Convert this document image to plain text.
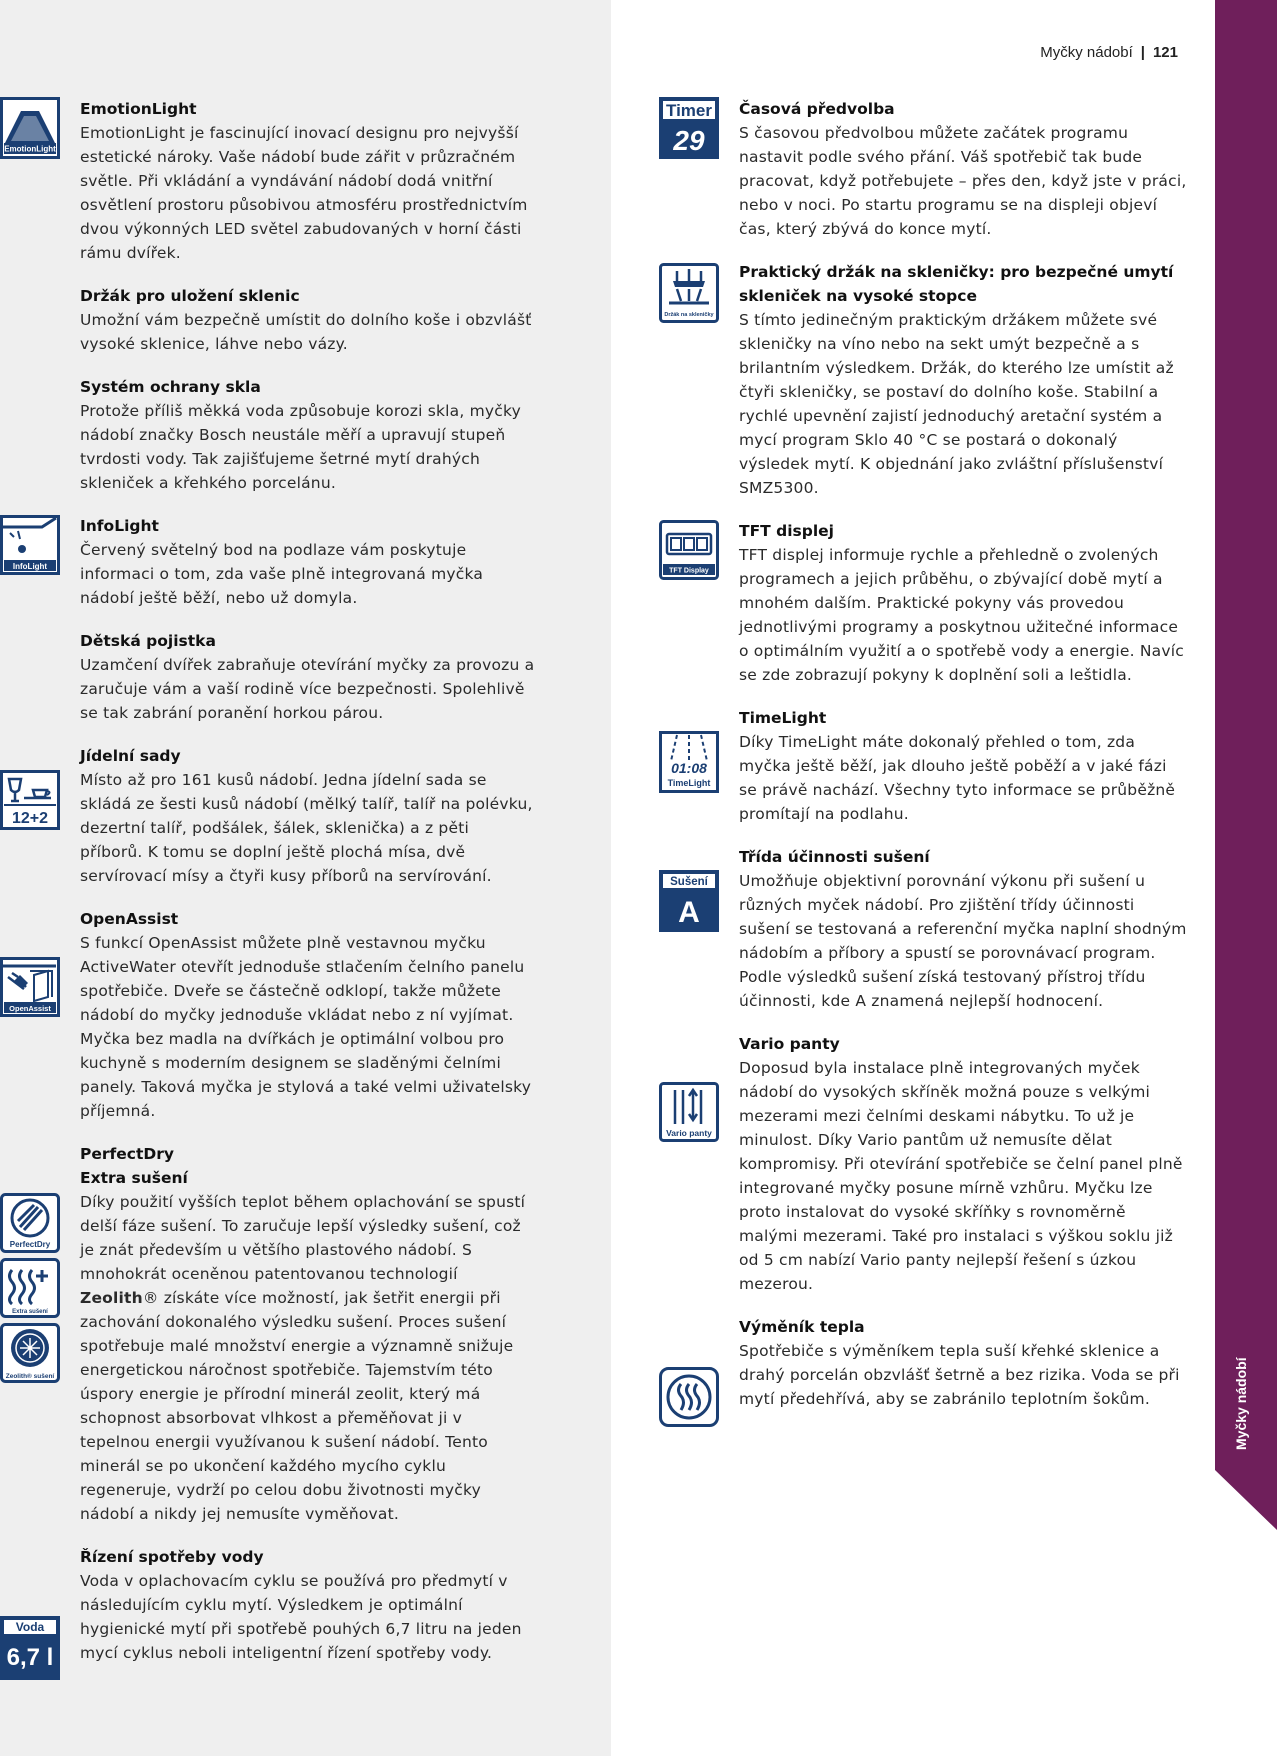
Myčky nádobí | 121
Myčky nádobí
EmotionLight
InfoLight
12+2
OpenAssist
PerfectDry
Extra sušení
Zeolith® sušení
Voda
6,7 l
Timer
29
Držák na skleničky
TFT Display
01:08
TimeLight
Sušení
A
Vario panty
EmotionLight

EmotionLight je fascinující inovací designu pro nejvyšší estetické nároky. Vaše nádobí bude zářit v průzračném světle. Při vkládání a vyndávání nádobí dodá vnitřní osvětlení prostoru působivou atmosféru prostřednictvím dvou výkonných LED světel zabudovaných v horní části rámu dvířek.

Držák pro uložení sklenic

Umožní vám bezpečně umístit do dolního koše i obzvlášť vysoké sklenice, láhve nebo vázy.

Systém ochrany skla

Protože příliš měkká voda způsobuje korozi skla, myčky nádobí značky Bosch neustále měří a upravují stupeň tvrdosti vody. Tak zajišťujeme šetrné mytí drahých skleniček a křehkého porcelánu.

InfoLight

Červený světelný bod na podlaze vám poskytuje informaci o tom, zda vaše plně integrovaná myčka nádobí ještě běží, nebo už domyla.

Dětská pojistka

Uzamčení dvířek zabraňuje otevírání myčky za provozu a zaručuje vám a vaší rodině více bezpečnosti. Spolehlivě se tak zabrání poranění horkou párou.

Jídelní sady

Místo až pro 161 kusů nádobí. Jedna jídelní sada se skládá ze šesti kusů nádobí (mělký talíř, talíř na polévku, dezertní talíř, podšálek, šálek, sklenička) a z pěti příborů. K tomu se doplní ještě plochá mísa, dvě servírovací mísy a čtyři kusy příborů na servírování.

OpenAssist

S funkcí OpenAssist můžete plně vestavnou myčku ActiveWater otevřít jednoduše stlačením čelního panelu spotřebiče. Dveře se částečně odklopí, takže můžete nádobí do myčky jednoduše vkládat nebo z ní vyjímat. Myčka bez madla na dvířkách je optimální volbou pro kuchyně s moderním designem se sladěnými čelními panely. Taková myčka je stylová a také velmi uživatelsky příjemná.

PerfectDry
Extra sušení

Díky použití vyšších teplot během oplachování se spustí delší fáze sušení. To zaručuje lepší výsledky sušení, což je znát především u většího plastového nádobí. S mnohokrát oceněnou patentovanou technologií Zeolith® získáte více možností, jak šetřit energii při zachování dokonalého výsledku sušení. Proces sušení spotřebuje malé množství energie a významně snižuje energetickou náročnost spotřebiče. Tajemstvím této úspory energie je přírodní minerál zeolit, který má schopnost absorbovat vlhkost a přeměňovat ji v tepelnou energii využívanou k sušení nádobí. Tento minerál se po ukončení každého mycího cyklu regeneruje, vydrží po celou dobu životnosti myčky nádobí a nikdy jej nemusíte vyměňovat.

Řízení spotřeby vody

Voda v oplachovacím cyklu se používá pro předmytí v následujícím cyklu mytí. Výsledkem je optimální hygienické mytí při spotřebě pouhých 6,7 litru na jeden mycí cyklus neboli inteligentní řízení spotřeby vody.

Časová předvolba

S časovou předvolbou můžete začátek programu nastavit podle svého přání. Váš spotřebič tak bude pracovat, když potřebujete – přes den, když jste v práci, nebo v noci. Po startu programu se na displeji objeví čas, který zbývá do konce mytí.

Praktický držák na skleničky: pro bezpečné umytí skleniček na vysoké stopce

S tímto jedinečným praktickým držákem můžete své skleničky na víno nebo na sekt umýt bezpečně a s brilantním výsledkem. Držák, do kterého lze umístit až čtyři skleničky, se postaví do dolního koše. Stabilní a rychlé upevnění zajistí jednoduchý aretační systém a mycí program Sklo 40 °C se postará o dokonalý výsledek mytí. K objednání jako zvláštní příslušenství SMZ5300.

TFT displej

TFT displej informuje rychle a přehledně o zvolených programech a jejich průběhu, o zbývající době mytí a mnohém dalším. Praktické pokyny vás provedou jednotlivými programy a poskytnou užitečné informace o optimálním využití a o spotřebě vody a energie. Navíc se zde zobrazují pokyny k doplnění soli a leštidla.

TimeLight

Díky TimeLight máte dokonalý přehled o tom, zda myčka ještě běží, jak dlouho ještě poběží a v jaké fázi se právě nachází. Všechny tyto informace se průběžně promítají na podlahu.

Třída účinnosti sušení

Umožňuje objektivní porovnání výkonu při sušení u různých myček nádobí. Pro zjištění třídy účinnosti sušení se testovaná a referenční myčka naplní shodným nádobím a příbory a spustí se porovnávací program. Podle výsledků sušení získá testovaný přístroj třídu účinnosti, kde A znamená nejlepší hodnocení.

Vario panty

Doposud byla instalace plně integrovaných myček nádobí do vysokých skříněk možná pouze s velkými mezerami mezi čelními deskami nábytku. To už je minulost. Díky Vario pantům už nemusíte dělat kompromisy. Při otevírání spotřebiče se čelní panel plně integrované myčky posune mírně vzhůru. Myčku lze proto instalovat do vysoké skříňky s rovnoměrně malými mezerami. Také pro instalaci s výškou soklu již od 5 cm nabízí Vario panty nejlepší řešení s úzkou mezerou.

Výměník tepla

Spotřebiče s výměníkem tepla suší křehké sklenice a drahý porcelán obzvlášť šetrně a bez rizika. Voda se při mytí předehřívá, aby se zabránilo teplotním šokům.
